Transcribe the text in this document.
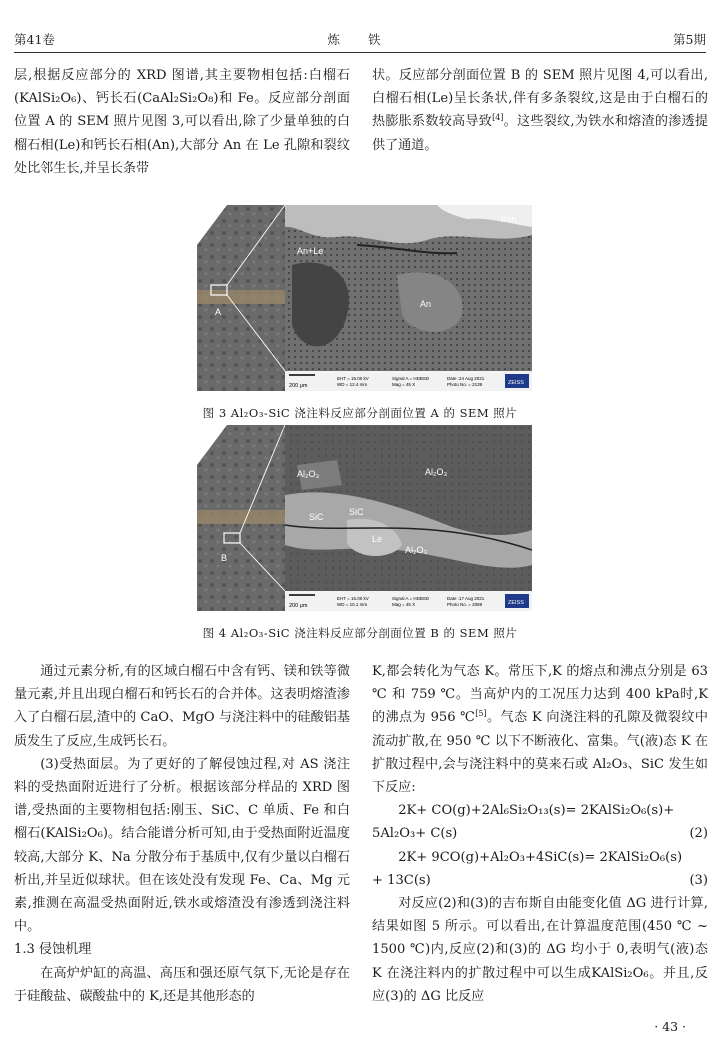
第41卷	炼 铁	第5期

层,根据反应部分的 XRD 图谱,其主要物相包括:白榴石(KAlSi₂O₆)、钙长石(CaAl₂Si₂O₈)和 Fe。反应部分剖面位置 A 的 SEM 照片见图 3,可以看出,除了少量单独的白榴石相(Le)和钙长石相(An),大部分 An 在 Le 孔隙和裂纹处比邻生长,并呈长条带

状。反应部分剖面位置 B 的 SEM 照片见图 4,可以看出,白榴石相(Le)呈长条状,伴有多条裂纹,这是由于白榴石的热膨胀系数较高导致[4]。这些裂纹,为铁水和熔渣的渗透提供了通道。

A
Iron
An+Le
An
200 μm
EHT = 15.00 kV WD = 12.4 mm
Signal A = HDBSD Mag = 45 X
Date :24 Aug 2021 Photo No. = 2139	ZEISS
图 3 Al₂O₃-SiC 浇注料反应部分剖面位置 A 的 SEM 照片
B
Al₂O₃	Al₂O₃
Al₂O₃
SiC	SiC
Le
200 μm
EHT = 15.00 kV WD = 10.1 mm
Signal A = HDBSD Mag = 45 X
Date :17 Aug 2021 Photo No. = 2089	ZEISS
图 4 Al₂O₃-SiC 浇注料反应部分剖面位置 B 的 SEM 照片

通过元素分析,有的区域白榴石中含有钙、镁和铁等微量元素,并且出现白榴石和钙长石的合并体。这表明熔渣渗入了白榴石层,渣中的 CaO、MgO 与浇注料中的硅酸铝基质发生了反应,生成钙长石。

(3)受热面层。为了更好的了解侵蚀过程,对 AS 浇注料的受热面附近进行了分析。根据该部分样品的 XRD 图谱,受热面的主要物相包括:刚玉、SiC、C 单质、Fe 和白榴石(KAlSi₂O₆)。结合能谱分析可知,由于受热面附近温度较高,大部分 K、Na 分散分布于基质中,仅有少量以白榴石析出,并呈近似球状。但在该处没有发现 Fe、Ca、Mg 元素,推测在高温受热面附近,铁水或熔渣没有渗透到浇注料中。

1.3 侵蚀机理

在高炉炉缸的高温、高压和强还原气氛下,无论是存在于硅酸盐、碳酸盐中的 K,还是其他形态的

K,都会转化为气态 K。常压下,K 的熔点和沸点分别是 63 ℃ 和 759 ℃。当高炉内的工况压力达到 400 kPa时,K 的沸点为 956 ℃[5]。气态 K 向浇注料的孔隙及微裂纹中流动扩散,在 950 ℃ 以下不断液化、富集。气(液)态 K 在扩散过程中,会与浇注料中的莫来石或 Al₂O₃、SiC 发生如下反应:

2K+ CO(g)+2Al₆Si₂O₁₃(s)= 2KAlSi₂O₆(s)+

5Al₂O₃+ C(s)	(2)

2K+ 9CO(g)+Al₂O₃+4SiC(s)= 2KAlSi₂O₆(s)

+ 13C(s)	(3)

对反应(2)和(3)的吉布斯自由能变化值 ΔG 进行计算,结果如图 5 所示。可以看出,在计算温度范围(450 ℃ ~ 1500 ℃)内,反应(2)和(3)的 ΔG 均小于 0,表明气(液)态 K 在浇注料内的扩散过程中可以生成KAlSi₂O₆。并且,反应(3)的 ΔG 比反应

· 43 ·
